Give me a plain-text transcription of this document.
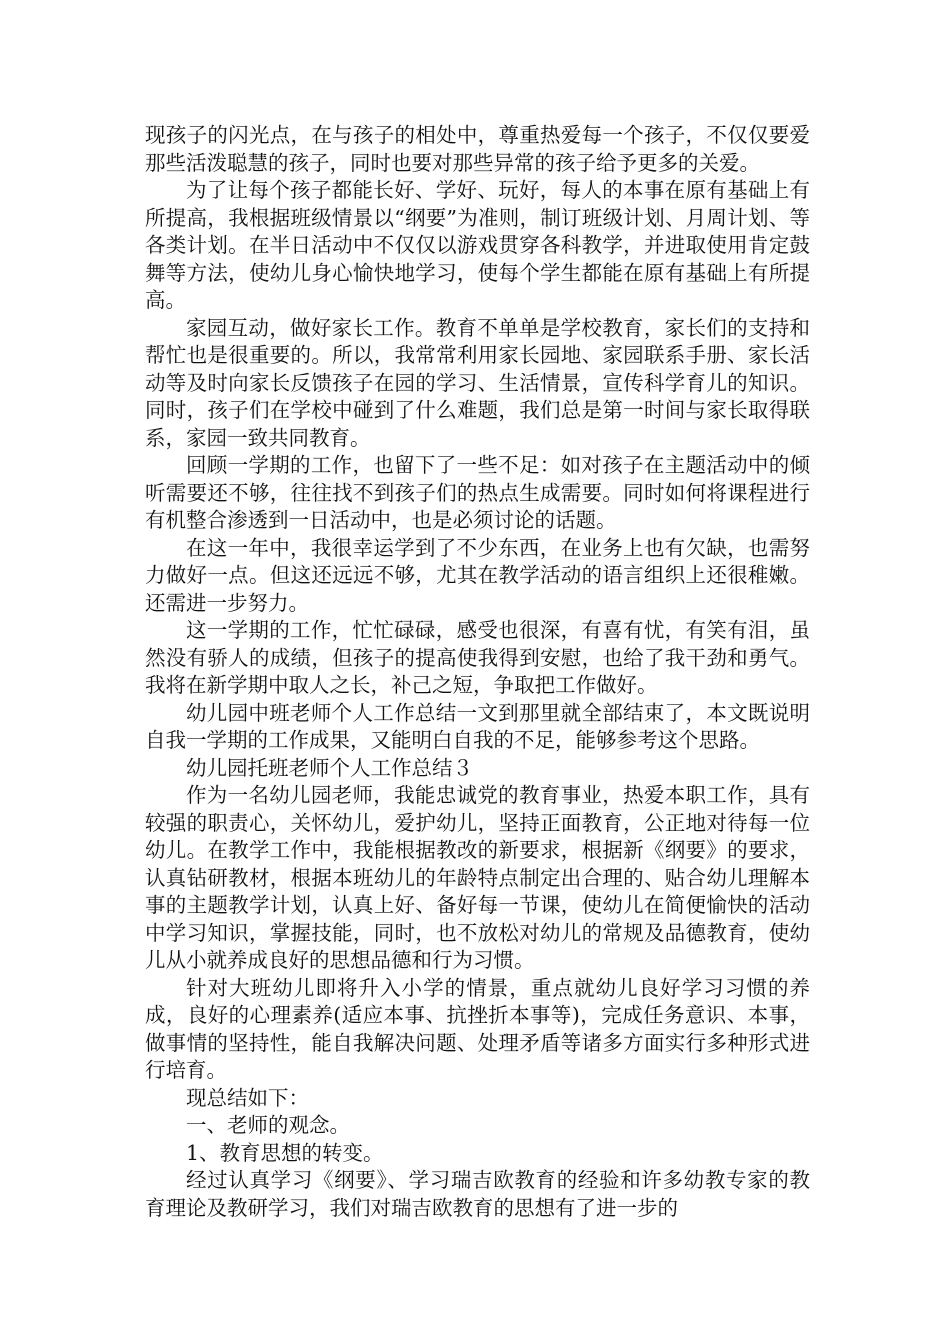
现孩子的闪光点，在与孩子的相处中，尊重热爱每一个孩子，不仅仅要爱那些活泼聪慧的孩子，同时也要对那些异常的孩子给予更多的关爱。

为了让每个孩子都能长好、学好、玩好，每人的本事在原有基础上有所提高，我根据班级情景以“纲要”为准则，制订班级计划、月周计划、等各类计划。在半日活动中不仅仅以游戏贯穿各科教学，并进取使用肯定鼓舞等方法，使幼儿身心愉快地学习，使每个学生都能在原有基础上有所提高。

家园互动，做好家长工作。教育不单单是学校教育，家长们的支持和帮忙也是很重要的。所以，我常常利用家长园地、家园联系手册、家长活动等及时向家长反馈孩子在园的学习、生活情景，宣传科学育儿的知识。同时，孩子们在学校中碰到了什么难题，我们总是第一时间与家长取得联系，家园一致共同教育。

回顾一学期的工作，也留下了一些不足：如对孩子在主题活动中的倾听需要还不够，往往找不到孩子们的热点生成需要。同时如何将课程进行有机整合渗透到一日活动中，也是必须讨论的话题。

在这一年中，我很幸运学到了不少东西，在业务上也有欠缺，也需努力做好一点。但这还远远不够，尤其在教学活动的语言组织上还很稚嫩。还需进一步努力。

这一学期的工作，忙忙碌碌，感受也很深，有喜有忧，有笑有泪，虽然没有骄人的成绩，但孩子的提高使我得到安慰，也给了我干劲和勇气。我将在新学期中取人之长，补己之短，争取把工作做好。

幼儿园中班老师个人工作总结一文到那里就全部结束了，本文既说明自我一学期的工作成果，又能明白自我的不足，能够参考这个思路。

幼儿园托班老师个人工作总结３

作为一名幼儿园老师，我能忠诚党的教育事业，热爱本职工作，具有较强的职责心，关怀幼儿，爱护幼儿，坚持正面教育，公正地对待每一位幼儿。在教学工作中，我能根据教改的新要求，根据新《纲要》的要求，认真钻研教材，根据本班幼儿的年龄特点制定出合理的、贴合幼儿理解本事的主题教学计划，认真上好、备好每一节课，使幼儿在简便愉快的活动中学习知识，掌握技能，同时，也不放松对幼儿的常规及品德教育，使幼儿从小就养成良好的思想品德和行为习惯。

针对大班幼儿即将升入小学的情景，重点就幼儿良好学习习惯的养成，良好的心理素养(适应本事、抗挫折本事等)，完成任务意识、本事，做事情的坚持性，能自我解决问题、处理矛盾等诸多方面实行多种形式进行培育。

现总结如下：

一、老师的观念。

1、教育思想的转变。

经过认真学习《纲要》、学习瑞吉欧教育的经验和许多幼教专家的教育理论及教研学习，我们对瑞吉欧教育的思想有了进一步的
